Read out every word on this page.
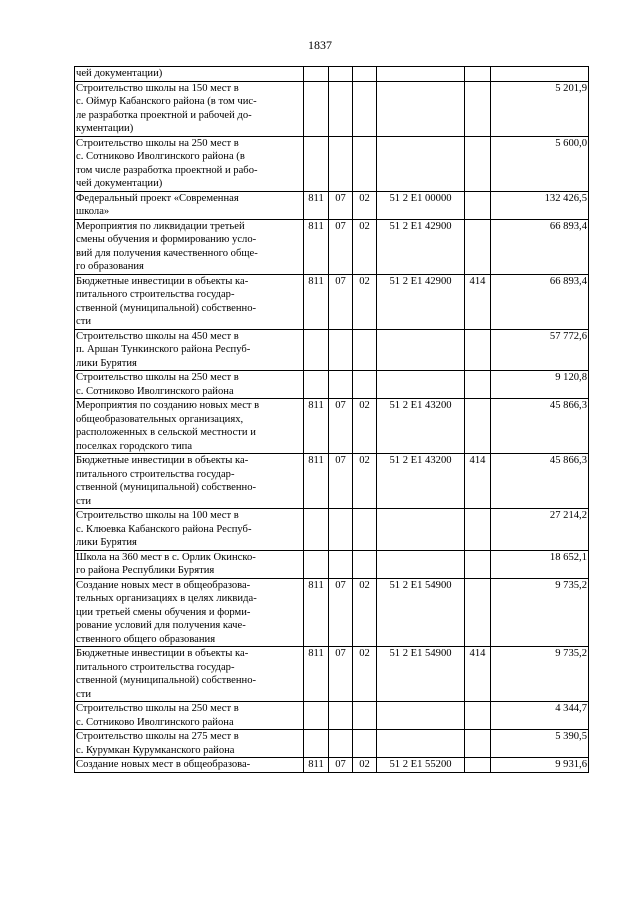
1837
чей документации)						

Строительство школы на 150 мест в
с. Оймур Кабанского района (в том чис-
ле разработка проектной и рабочей до-
кументации)						5 201,9

Строительство школы на 250 мест в
с. Сотниково Иволгинского района (в
том числе разработка проектной и рабо-
чей документации)						5 600,0

Федеральный проект «Современная
школа»	811	07	02	51 2 E1 00000		132 426,5

Мероприятия по ликвидации третьей
смены обучения и формированию усло-
вий для получения качественного обще-
го образования	811	07	02	51 2 E1 42900		66 893,4

Бюджетные инвестиции в объекты ка-
питального строительства государ-
ственной (муниципальной) собственно-
сти	811	07	02	51 2 E1 42900	414	66 893,4

Строительство школы на 450 мест в
п. Аршан Тункинского района Респуб-
лики Бурятия						57 772,6

Строительство школы на 250 мест в
с. Сотниково Иволгинского района						9 120,8

Мероприятия по созданию новых мест в
общеобразовательных организациях,
расположенных в сельской местности и
поселках городского типа	811	07	02	51 2 E1 43200		45 866,3

Бюджетные инвестиции в объекты ка-
питального строительства государ-
ственной (муниципальной) собственно-
сти	811	07	02	51 2 E1 43200	414	45 866,3

Строительство школы на 100 мест в
с. Клюевка Кабанского района Респуб-
лики Бурятия						27 214,2

Школа на 360 мест в с. Орлик Окинско-
го района Республики Бурятия						18 652,1

Создание новых мест в общеобразова-
тельных организациях в целях ликвида-
ции третьей смены обучения и форми-
рование условий для получения каче-
ственного общего образования	811	07	02	51 2 E1 54900		9 735,2

Бюджетные инвестиции в объекты ка-
питального строительства государ-
ственной (муниципальной) собственно-
сти	811	07	02	51 2 E1 54900	414	9 735,2

Строительство школы на 250 мест в
с. Сотниково Иволгинского района						4 344,7

Строительство школы на 275 мест в
с. Курумкан Курумканского района						5 390,5

Создание новых мест в общеобразова-	811	07	02	51 2 E1 55200		9 931,6
